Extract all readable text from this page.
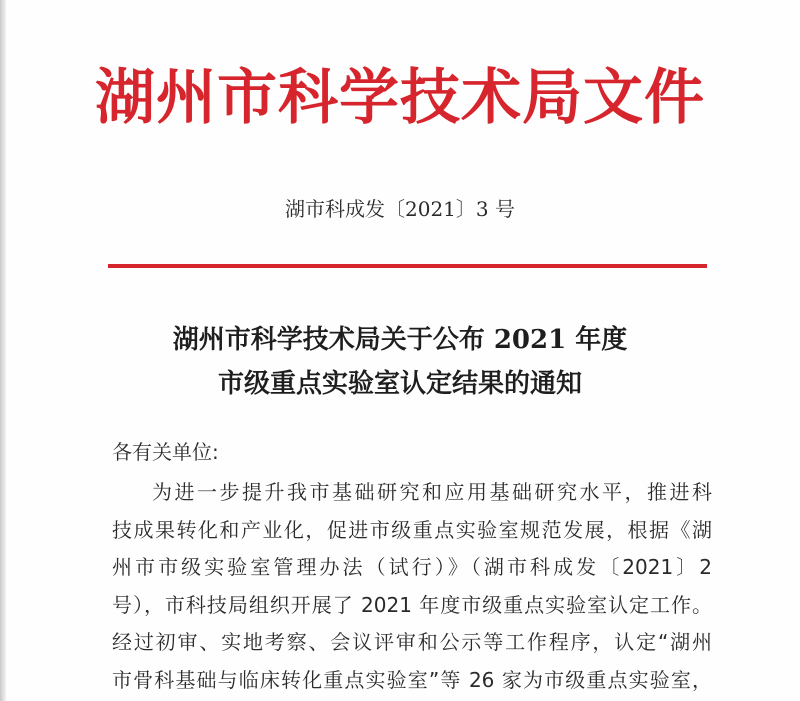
湖州市科学技术局文件
湖市科成发〔2021〕3 号
湖州市科学技术局关于公布 2021 年度
市级重点实验室认定结果的通知
各有关单位:
为进一步提升我市基础研究和应用基础研究水平，推进科
技成果转化和产业化，促进市级重点实验室规范发展，根据《湖
州市市级实验室管理办法（试行）》（湖市科成发〔2021〕2
号），市科技局组织开展了 2021 年度市级重点实验室认定工作。
经过初审、实地考察、会议评审和公示等工作程序，认定“湖州
市骨科基础与临床转化重点实验室”等 26 家为市级重点实验室，
